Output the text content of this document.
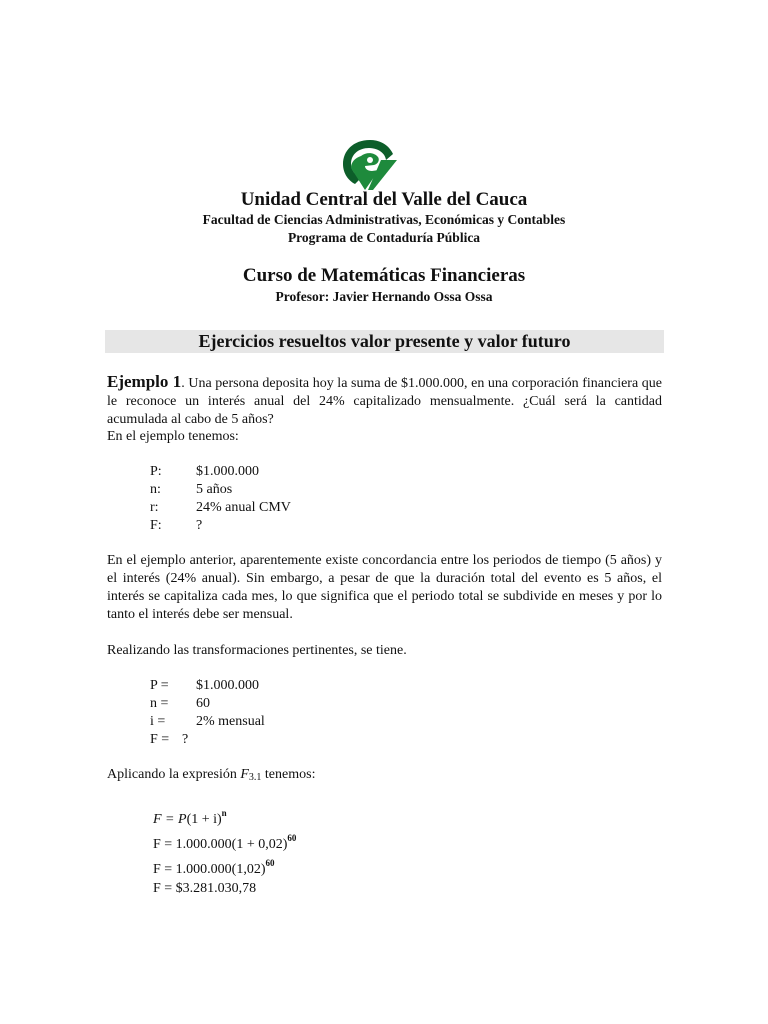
Unidad Central del Valle del Cauca
Facultad de Ciencias Administrativas, Económicas y Contables
Programa de Contaduría Pública
Curso de Matemáticas Financieras
Profesor: Javier Hernando Ossa Ossa
Ejercicios resueltos valor presente y valor futuro
Ejemplo 1. Una persona deposita hoy la suma de $1.000.000, en una corporación financiera que le reconoce un interés anual del 24% capitalizado mensualmente. ¿Cuál será la cantidad acumulada al cabo de 5 años?
En el ejemplo tenemos:
P: $1.000.000
n:	5 años
r:	24% anual CMV
F: ?
En el ejemplo anterior, aparentemente existe concordancia entre los periodos de tiempo (5 años) y el interés (24% anual). Sin embargo, a pesar de que la duración total del evento es 5 años, el interés se capitaliza cada mes, lo que significa que el periodo total se subdivide en meses y por lo tanto el interés debe ser mensual.
Realizando las transformaciones pertinentes, se tiene.
P = $1.000.000
n = 60
i = 2% mensual
F = ?
Aplicando la expresión $F_{3.1}$ tenemos:
$F = P(1 + i)^n$
$F = 1.000.000(1 + 0,02)^{60}$
$F = 1.000.000(1,02)^{60}$
F = $3.281.030,78
